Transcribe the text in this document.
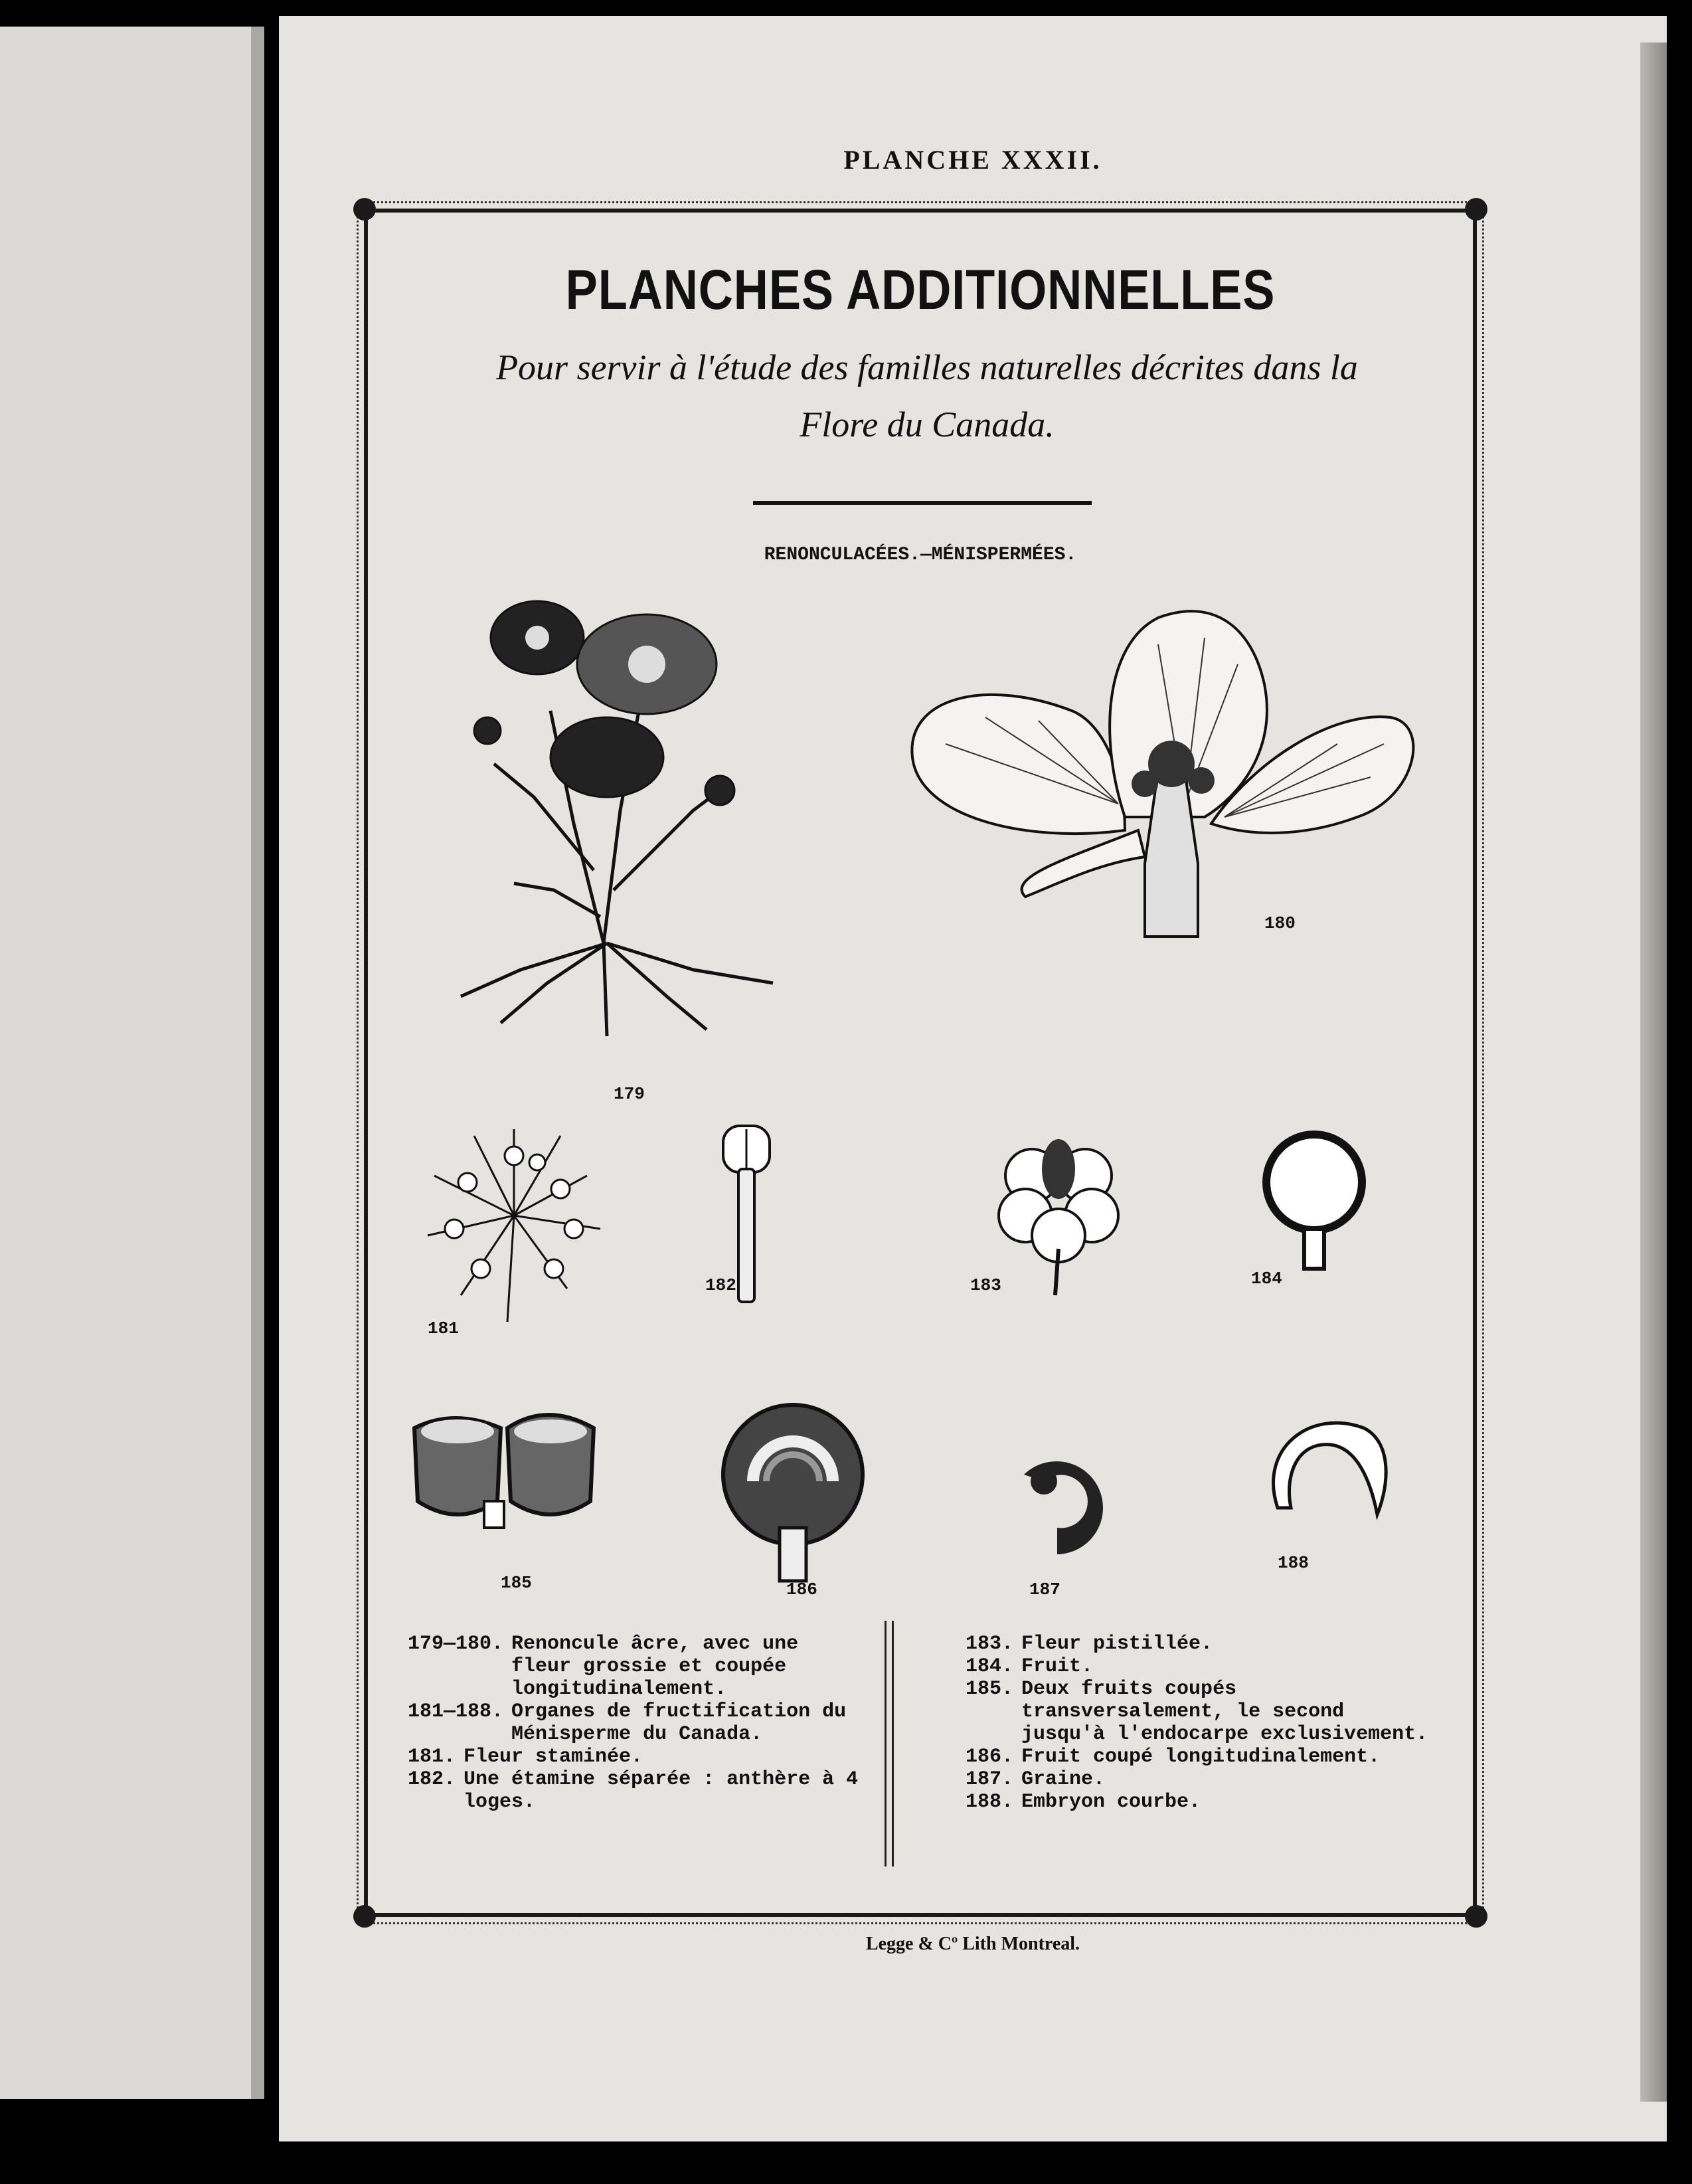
PLANCHE XXXII.
PLANCHES ADDITIONNELLES
Pour servir à l'étude des familles naturelles décrites dans la
Flore du Canada.
RENONCULACÉES.—MÉNISPERMÉES.
179
180
181
182	183	184
185	186	187
188
179—180. Renoncule âcre, avec une fleur grossie et coupée longitudinalement.
181—188. Organes de fructification du Ménisperme du Canada.
181. Fleur staminée.
182. Une étamine séparée : anthère à 4 loges.
183. Fleur pistillée.
184. Fruit.
185. Deux fruits coupés transversalement, le second jusqu'à l'endocarpe exclusivement.
186. Fruit coupé longitudinalement.
187. Graine.
188. Embryon courbe.
Legge & Cº Lith Montreal.
